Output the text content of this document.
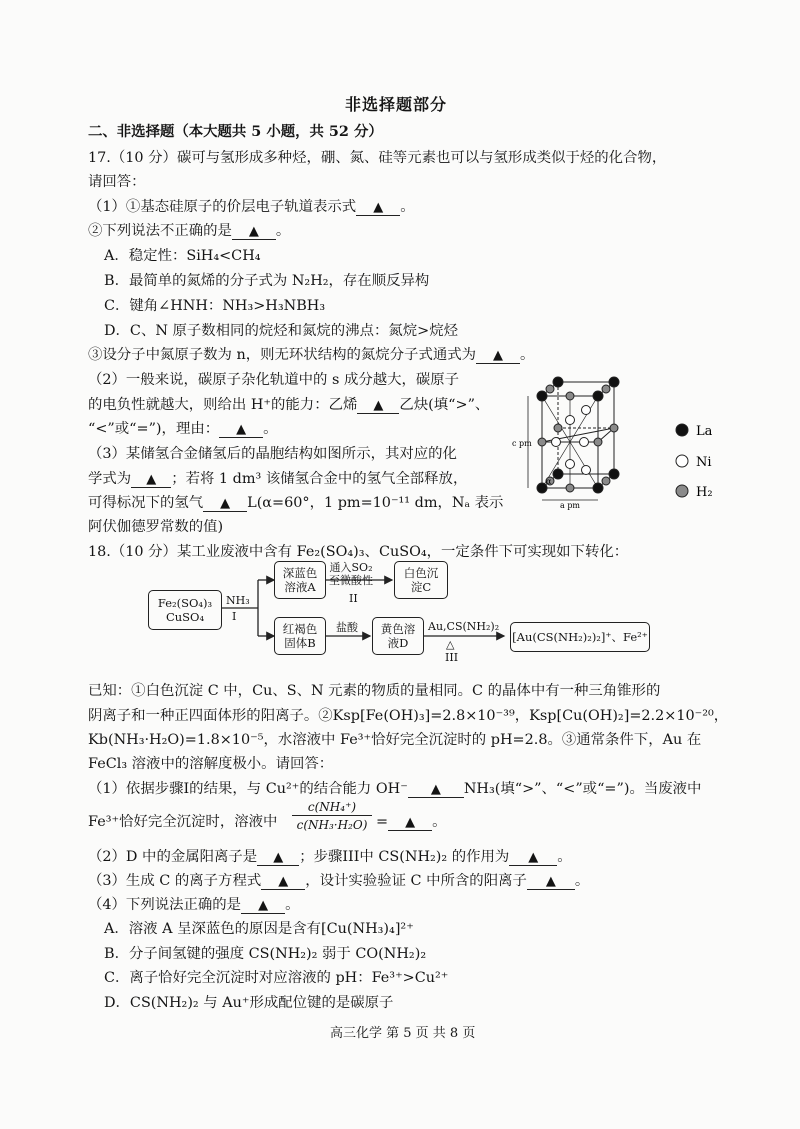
非选择题部分
二、非选择题（本大题共 5 小题，共 52 分）
17.（10 分）碳可与氢形成多种烃，硼、氮、硅等元素也可以与氢形成类似于烃的化合物，
请回答：
（1）①基态硅原子的价层电子轨道表示式 ▲ 。
②下列说法不正确的是 ▲ 。
A．稳定性：SiH₄<CH₄
B．最简单的氮烯的分子式为 N₂H₂，存在顺反异构
C．键角∠HNH：NH₃>H₃NBH₃
D．C、N 原子数相同的烷烃和氮烷的沸点：氮烷>烷烃
③设分子中氮原子数为 n，则无环状结构的氮烷分子式通式为 ▲ 。
（2）一般来说，碳原子杂化轨道中的 s 成分越大，碳原子
的电负性就越大，则给出 H⁺的能力：乙烯 ▲ 乙炔(填“>”、
“<”或“=”)，理由： ▲ 。
（3）某储氢合金储氢后的晶胞结构如图所示，其对应的化
学式为 ▲ ；若将 1 dm³ 该储氢合金中的氢气全部释放，
可得标况下的氢气 ▲ L(α=60°，1 pm=10⁻¹¹ dm，Nₐ 表示
阿伏伽德罗常数的值)
c pm
a pm
α
La
Ni
H₂
18.（10 分）某工业废液中含有 Fe₂(SO₄)₃、CuSO₄，一定条件下可实现如下转化：
Fe₂(SO₄)₃
CuSO₄
NH₃
I
深蓝色
溶液A
通入SO₂
至微酸性
II
白色沉
淀C
红褐色
固体B
盐酸	黄色溶
液D
Au,CS(NH₂)₂
△
III
[Au(CS(NH₂)₂)₂]⁺、Fe²⁺
已知：①白色沉淀 C 中，Cu、S、N 元素的物质的量相同。C 的晶体中有一种三角锥形的
阴离子和一种正四面体形的阳离子。②Ksp[Fe(OH)₃]=2.8×10⁻³⁹，Ksp[Cu(OH)₂]=2.2×10⁻²⁰，
Kb(NH₃·H₂O)=1.8×10⁻⁵，水溶液中 Fe³⁺恰好完全沉淀时的 pH=2.8。③通常条件下，Au 在
FeCl₃ 溶液中的溶解度极小。请回答：
（1）依据步骤I的结果，与 Cu²⁺的结合能力 OH⁻ ▲ NH₃(填“>”、“<”或“=”)。当废液中
Fe³⁺恰好完全沉淀时，溶液中
c(NH₄⁺)
c(NH₃·H₂O) = ▲ 。
（2）D 中的金属阳离子是 ▲ ；步骤III中 CS(NH₂)₂ 的作用为 ▲ 。
（3）生成 C 的离子方程式 ▲ ，设计实验验证 C 中所含的阳离子 ▲ 。
（4）下列说法正确的是 ▲ 。
A．溶液 A 呈深蓝色的原因是含有[Cu(NH₃)₄]²⁺
B．分子间氢键的强度 CS(NH₂)₂ 弱于 CO(NH₂)₂
C．离子恰好完全沉淀时对应溶液的 pH：Fe³⁺>Cu²⁺
D．CS(NH₂)₂ 与 Au⁺形成配位键的是碳原子
高三化学 第 5 页 共 8 页
